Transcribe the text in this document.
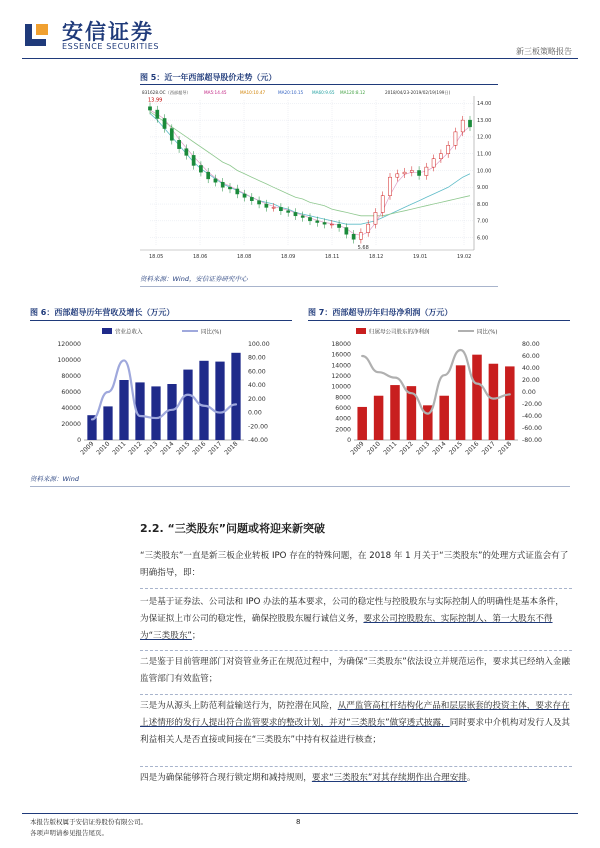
安信证券
ESSENCE SECURITIES
新三板策略报告
图 5：近一年西部超导股价走势（元）
831628.OC（西部超导）	MA5:14.45	MA10:10.47	MA20:10.15 MA60:9.65 MA120:8.12	2018/04/23-2019/02/19(199日)
14.00
13.00
12.00
11.00
10.00
9.00
8.00
7.00
6.00
18.05	18.06	18.08	18.09	18.11	18.12	19.01	19.02
13.99
5.68
资料来源：Wind，安信证券研究中心
图 6：西部超导历年营收及增长（万元）
营业总收入	同比(%)
120000
100000
80000
60000
40000
20000
0
100.00
80.00
60.00
40.00
20.00
0.00
-20.00
-40.00
2009 2010 2011 2012 2013 2014 2015 2016 2017 2018
资料来源：Wind
图 7：西部超导历年归母净利润（万元）
归属母公司股东的净利润	同比(%)
18000
16000
14000
12000
10000
8000
6000
4000
2000
0
80.00
60.00
40.00
20.00
0.00
-20.00
-40.00
-60.00
-80.00
2009 2010 2011 2012 2013 2014 2015 2016 2017 2018
2.2. “三类股东”问题或将迎来新突破
“三类股东”一直是新三板企业转板 IPO 存在的特殊问题，在 2018 年 1 月关于“三类股东”的处理方式证监会有了明确指导，即：
一是基于证券法、公司法和 IPO 办法的基本要求，公司的稳定性与控股股东与实际控制人的明确性是基本条件，为保证拟上市公司的稳定性，确保控股股东履行诚信义务，要求公司控股股东、实际控制人、第一大股东不得为“三类股东”；
二是鉴于目前管理部门对资管业务正在规范过程中，为确保“三类股东”依法设立并规范运作，要求其已经纳入金融监管部门有效监管；
三是为从源头上防范利益输送行为，防控潜在风险，从严监管高杠杆结构化产品和层层嵌套的投资主体，要求存在上述情形的发行人提出符合监管要求的整改计划，并对“三类股东”做穿透式披露，同时要求中介机构对发行人及其利益相关人是否直接或间接在“三类股东”中持有权益进行核查；
四是为确保能够符合现行锁定期和减持规则，要求“三类股东”对其存续期作出合理安排。
本报告版权属于安信证券股份有限公司。
各项声明请参见报告尾页。
8
